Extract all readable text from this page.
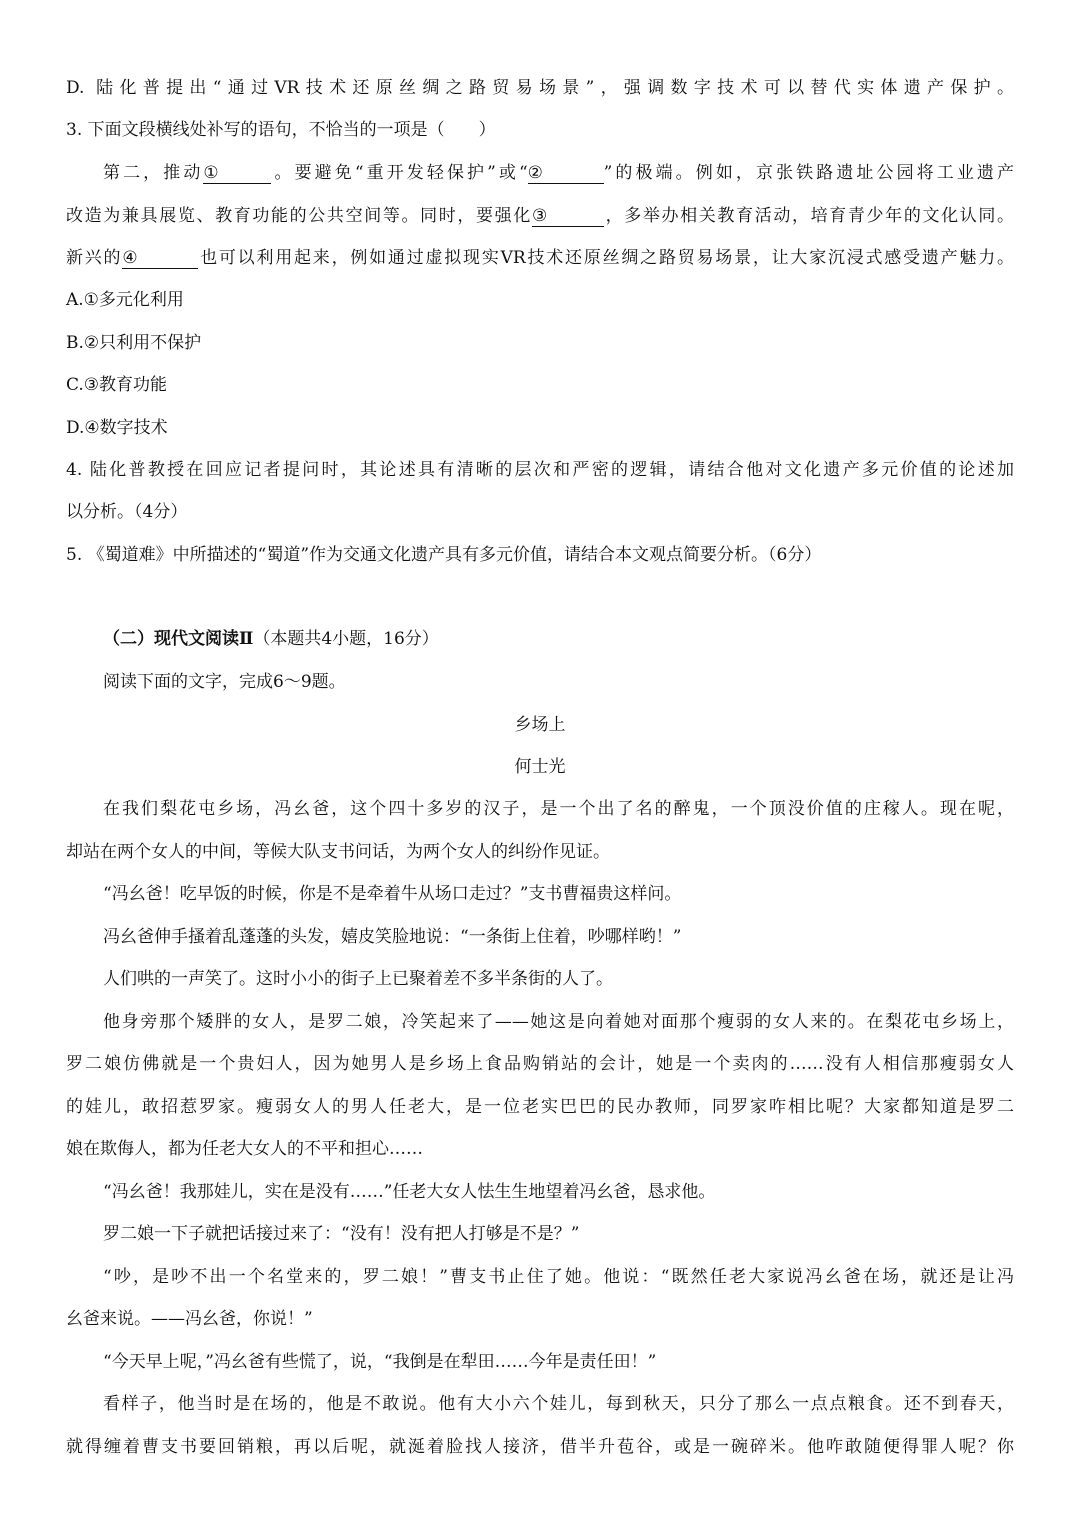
D. 陆化普提出“通过VR技术还原丝绸之路贸易场景”，强调数字技术可以替代实体遗产保护。
3. 下面文段横线处补写的语句，不恰当的一项是（　　）
第二，推动①	。要避免“重开发轻保护”或“②	”的极端。例如，京张铁路遗址公园将工业遗产
改造为兼具展览、教育功能的公共空间等。同时，要强化③	，多举办相关教育活动，培育青少年的文化认同。
新兴的④	也可以利用起来，例如通过虚拟现实VR技术还原丝绸之路贸易场景，让大家沉浸式感受遗产魅力。
A.①多元化利用
B.②只利用不保护
C.③教育功能
D.④数字技术
4. 陆化普教授在回应记者提问时，其论述具有清晰的层次和严密的逻辑，请结合他对文化遗产多元价值的论述加
以分析。（4分）
5. 《蜀道难》中所描述的“蜀道”作为交通文化遗产具有多元价值，请结合本文观点简要分析。（6分）
（二）现代文阅读Ⅱ（本题共4小题，16分）
阅读下面的文字，完成6～9题。
乡场上
何士光
在我们梨花屯乡场，冯幺爸，这个四十多岁的汉子，是一个出了名的醉鬼，一个顶没价值的庄稼人。现在呢，
却站在两个女人的中间，等候大队支书问话，为两个女人的纠纷作见证。
“冯幺爸！吃早饭的时候，你是不是牵着牛从场口走过？”支书曹福贵这样问。
冯幺爸伸手搔着乱蓬蓬的头发，嬉皮笑脸地说：“一条街上住着，吵哪样哟！”
人们哄的一声笑了。这时小小的街子上已聚着差不多半条街的人了。
他身旁那个矮胖的女人，是罗二娘，冷笑起来了——她这是向着她对面那个瘦弱的女人来的。在梨花屯乡场上，
罗二娘仿佛就是一个贵妇人，因为她男人是乡场上食品购销站的会计，她是一个卖肉的……没有人相信那瘦弱女人
的娃儿，敢招惹罗家。瘦弱女人的男人任老大，是一位老实巴巴的民办教师，同罗家咋相比呢？大家都知道是罗二
娘在欺侮人，都为任老大女人的不平和担心……
“冯幺爸！我那娃儿，实在是没有……”任老大女人怯生生地望着冯幺爸，恳求他。
罗二娘一下子就把话接过来了：“没有！没有把人打够是不是？”
“吵，是吵不出一个名堂来的，罗二娘！”曹支书止住了她。他说：“既然任老大家说冯幺爸在场，就还是让冯
幺爸来说。——冯幺爸，你说！”
“今天早上呢，”冯幺爸有些慌了，说，“我倒是在犁田……今年是责任田！”
看样子，他当时是在场的，他是不敢说。他有大小六个娃儿，每到秋天，只分了那么一点点粮食。还不到春天，
就得缠着曹支书要回销粮，再以后呢，就涎着脸找人接济，借半升苞谷，或是一碗碎米。他咋敢随便得罪人呢？你
